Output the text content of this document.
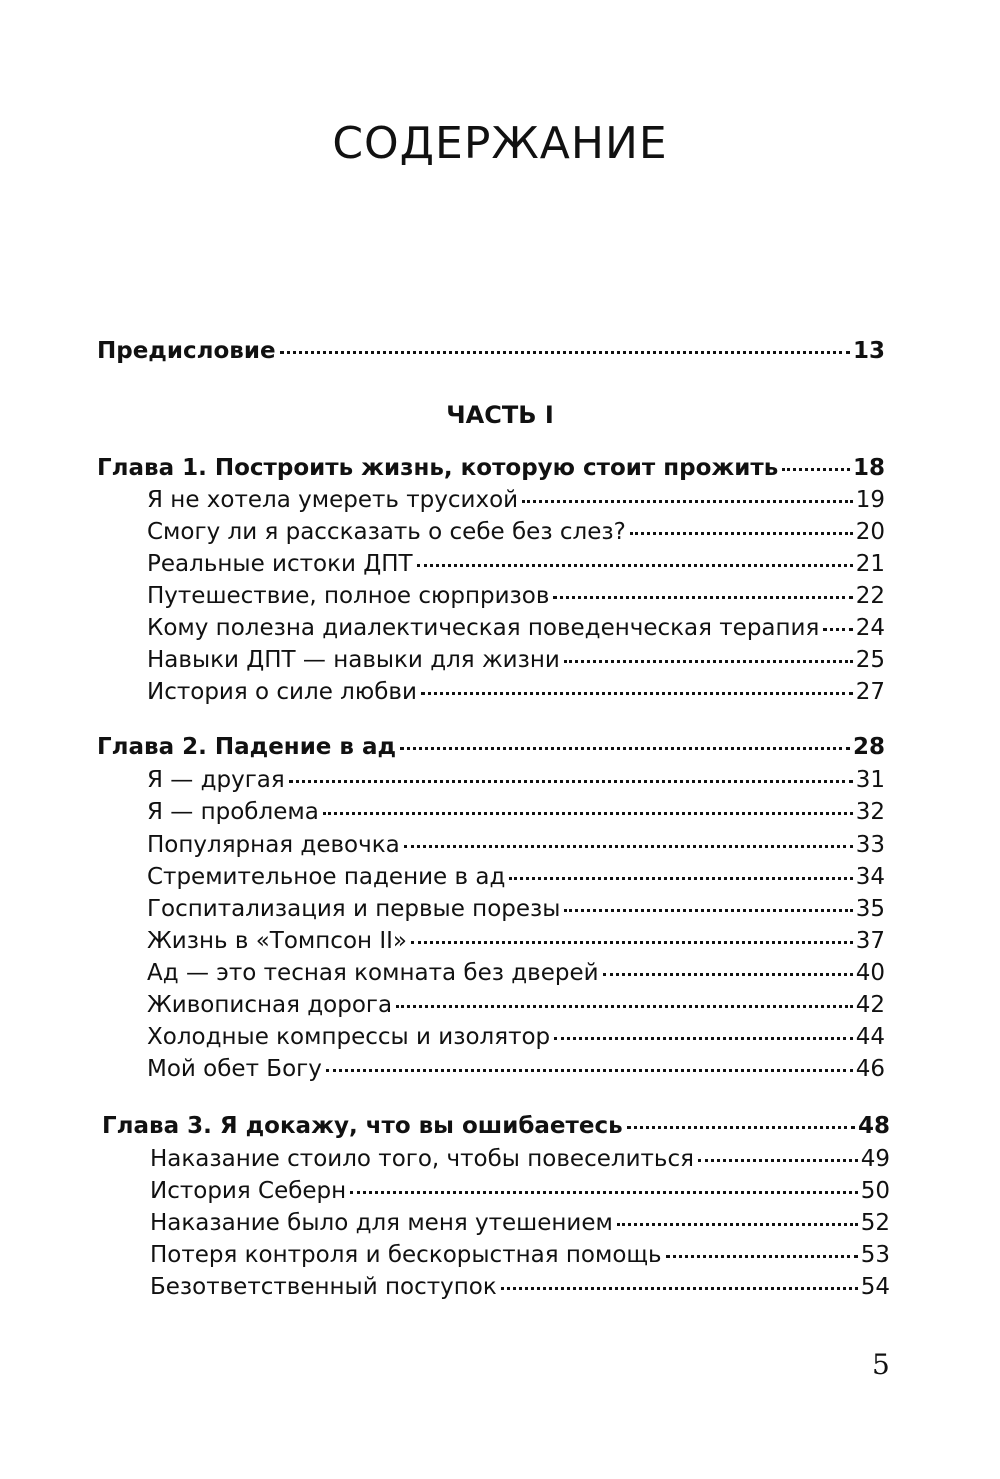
СОДЕРЖАНИЕ
Предисловие	13
ЧАСТЬ I
Глава 1. Построить жизнь, которую стоит прожить	18
Я не хотела умереть трусихой	19
Смогу ли я рассказать о себе без слез?	20
Реальные истоки ДПТ	21
Путешествие, полное сюрпризов	22
Кому полезна диалектическая поведенческая терапия 24
Навыки ДПТ — навыки для жизни	25
История о силе любви	27
Глава 2. Падение в ад	28
Я — другая	31
Я — проблема	32
Популярная девочка	33
Стремительное падение в ад	34
Госпитализация и первые порезы	35
Жизнь в «Томпсон II»	37
Ад — это тесная комната без дверей	40
Живописная дорога	42
Холодные компрессы и изолятор	44
Мой обет Богу	46
Глава 3. Я докажу, что вы ошибаетесь	48
Наказание стоило того, чтобы повеселиться	49
История Себерн	50
Наказание было для меня утешением	52
Потеря контроля и бескорыстная помощь	53
Безответственный поступок	54
5
